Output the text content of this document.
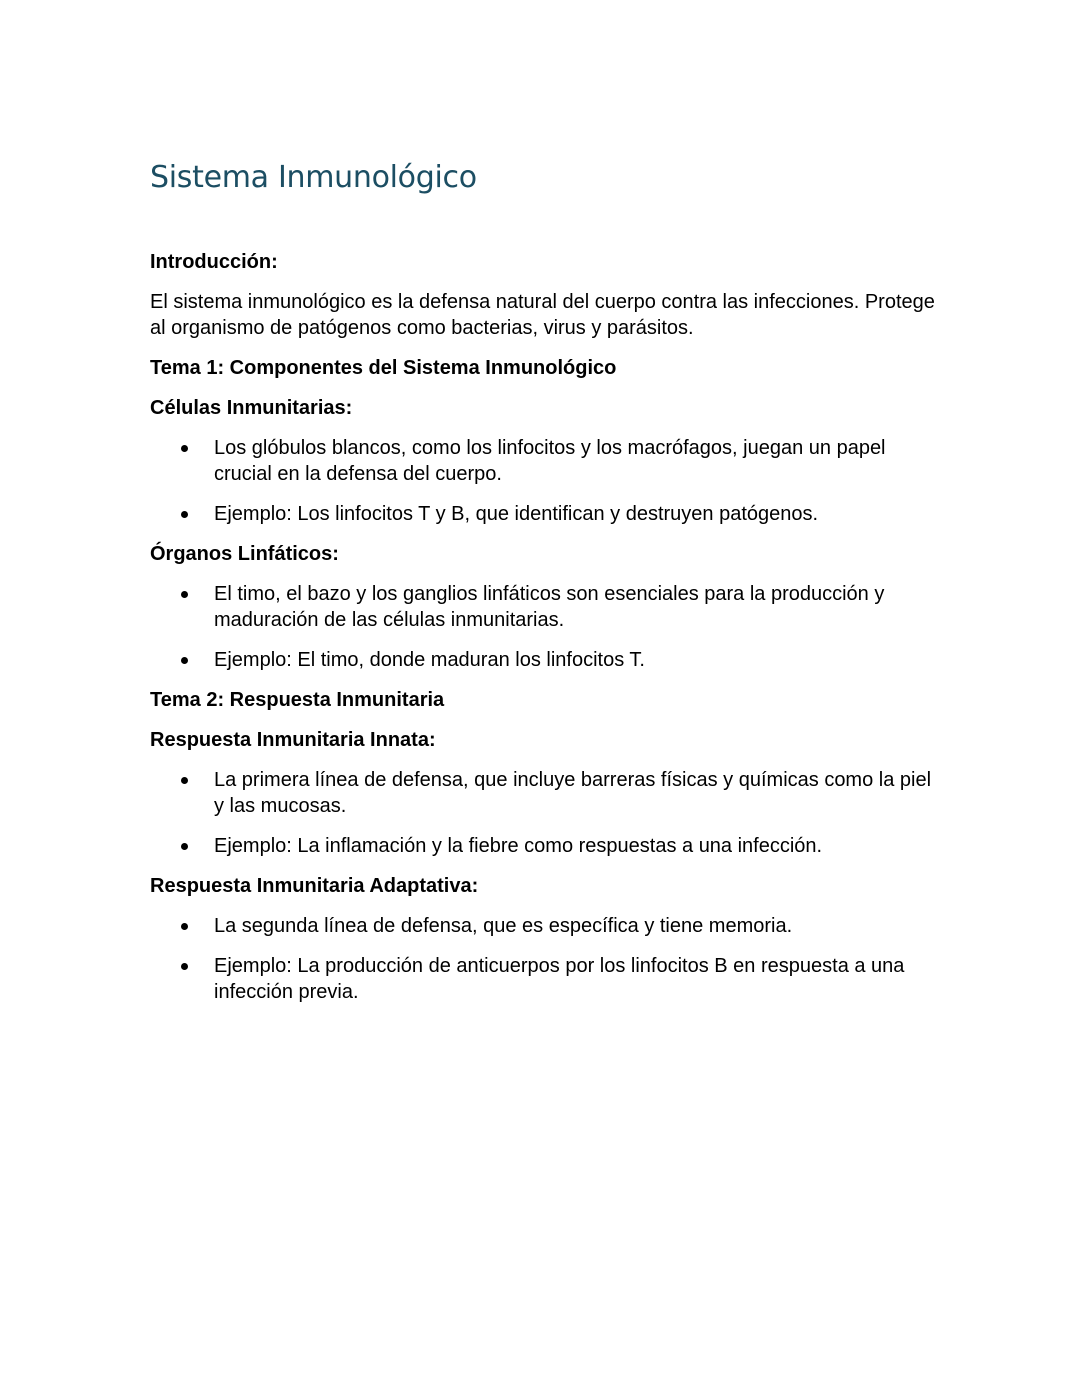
Sistema Inmunológico

Introducción:

El sistema inmunológico es la defensa natural del cuerpo contra las infecciones. Protege al organismo de patógenos como bacterias, virus y parásitos.

Tema 1: Componentes del Sistema Inmunológico

Células Inmunitarias:

Los glóbulos blancos, como los linfocitos y los macrófagos, juegan un papel crucial en la defensa del cuerpo.
Ejemplo: Los linfocitos T y B, que identifican y destruyen patógenos.

Órganos Linfáticos:

El timo, el bazo y los ganglios linfáticos son esenciales para la producción y maduración de las células inmunitarias.
Ejemplo: El timo, donde maduran los linfocitos T.

Tema 2: Respuesta Inmunitaria

Respuesta Inmunitaria Innata:

La primera línea de defensa, que incluye barreras físicas y químicas como la piel y las mucosas.
Ejemplo: La inflamación y la fiebre como respuestas a una infección.

Respuesta Inmunitaria Adaptativa:

La segunda línea de defensa, que es específica y tiene memoria.
Ejemplo: La producción de anticuerpos por los linfocitos B en respuesta a una infección previa.
